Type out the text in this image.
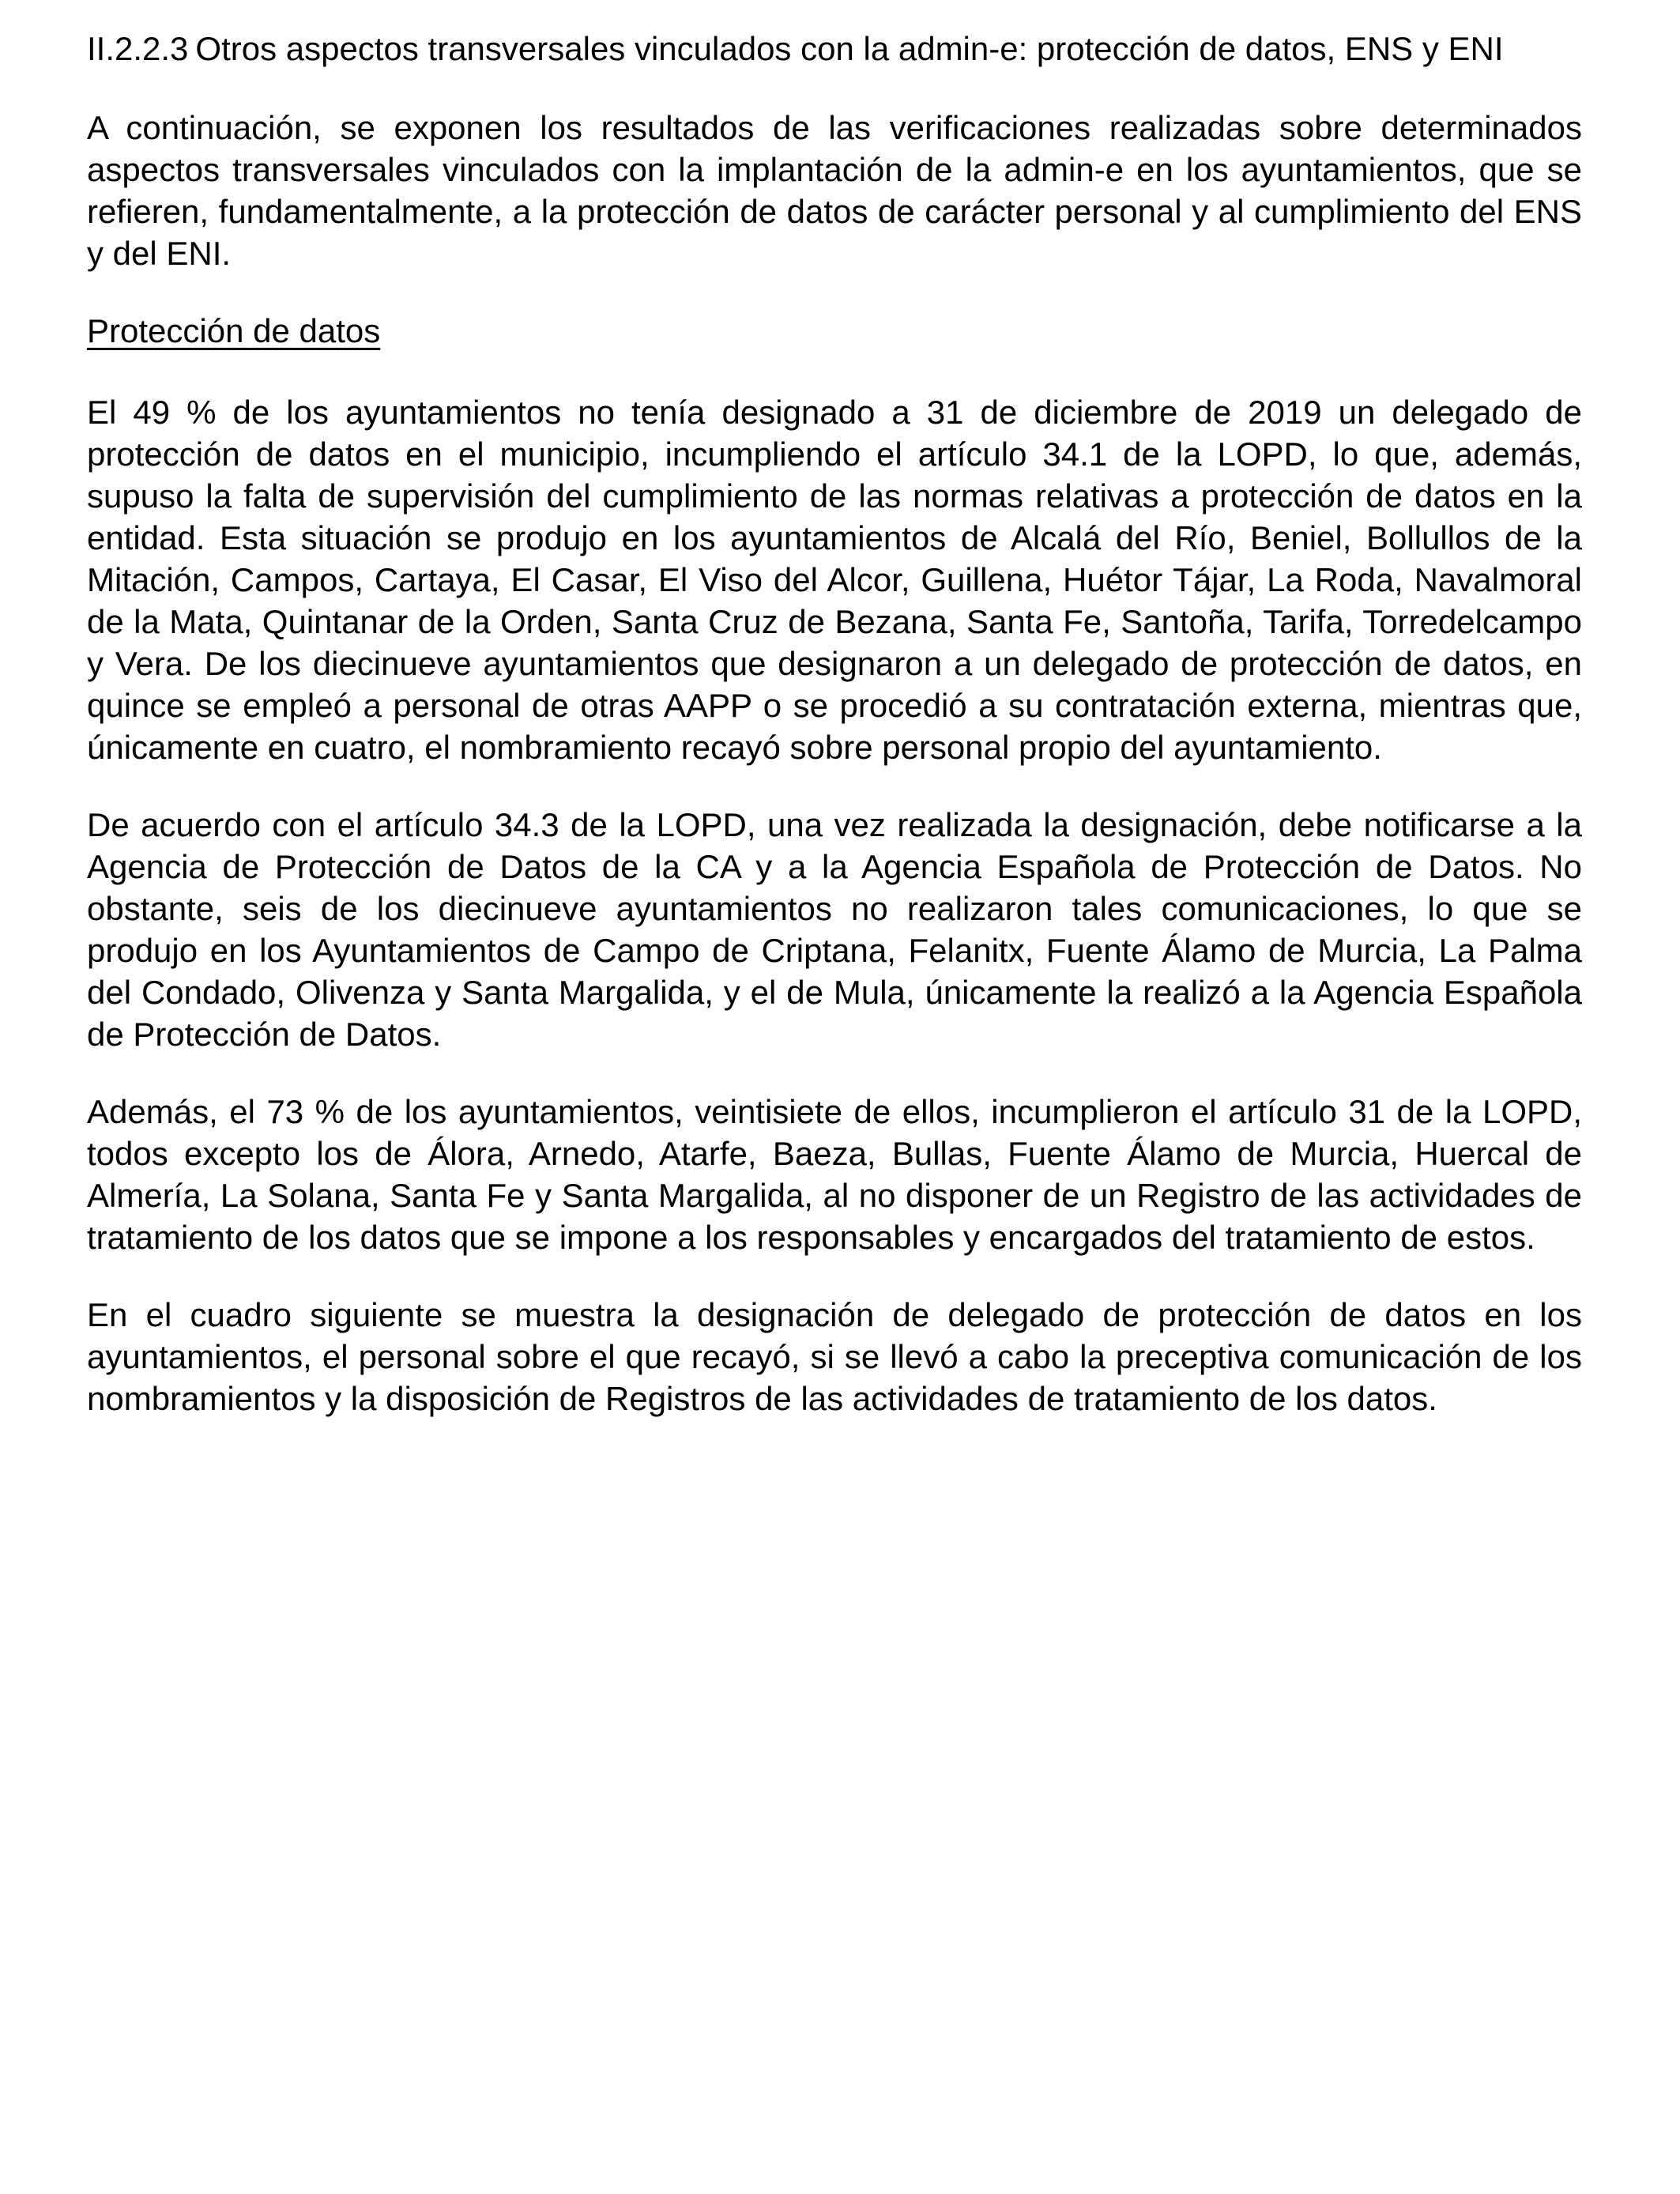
II.2.2.3 Otros aspectos transversales vinculados con la admin-e: protección de datos, ENS y ENI

A continuación, se exponen los resultados de las verificaciones realizadas sobre determinados aspectos transversales vinculados con la implantación de la admin-e en los ayuntamientos, que se refieren, fundamentalmente, a la protección de datos de carácter personal y al cumplimiento del ENS y del ENI.

Protección de datos

El 49 % de los ayuntamientos no tenía designado a 31 de diciembre de 2019 un delegado de protección de datos en el municipio, incumpliendo el artículo 34.1 de la LOPD, lo que, además, supuso la falta de supervisión del cumplimiento de las normas relativas a protección de datos en la entidad. Esta situación se produjo en los ayuntamientos de Alcalá del Río, Beniel, Bollullos de la Mitación, Campos, Cartaya, El Casar, El Viso del Alcor, Guillena, Huétor Tájar, La Roda, Navalmoral de la Mata, Quintanar de la Orden, Santa Cruz de Bezana, Santa Fe, Santoña, Tarifa, Torredelcampo y Vera. De los diecinueve ayuntamientos que designaron a un delegado de protección de datos, en quince se empleó a personal de otras AAPP o se procedió a su contratación externa, mientras que, únicamente en cuatro, el nombramiento recayó sobre personal propio del ayuntamiento.

De acuerdo con el artículo 34.3 de la LOPD, una vez realizada la designación, debe notificarse a la Agencia de Protección de Datos de la CA y a la Agencia Española de Protección de Datos. No obstante, seis de los diecinueve ayuntamientos no realizaron tales comunicaciones, lo que se produjo en los Ayuntamientos de Campo de Criptana, Felanitx, Fuente Álamo de Murcia, La Palma del Condado, Olivenza y Santa Margalida, y el de Mula, únicamente la realizó a la Agencia Española de Protección de Datos.

Además, el 73 % de los ayuntamientos, veintisiete de ellos, incumplieron el artículo 31 de la LOPD, todos excepto los de Álora, Arnedo, Atarfe, Baeza, Bullas, Fuente Álamo de Murcia, Huercal de Almería, La Solana, Santa Fe y Santa Margalida, al no disponer de un Registro de las actividades de tratamiento de los datos que se impone a los responsables y encargados del tratamiento de estos.

En el cuadro siguiente se muestra la designación de delegado de protección de datos en los ayuntamientos, el personal sobre el que recayó, si se llevó a cabo la preceptiva comunicación de los nombramientos y la disposición de Registros de las actividades de tratamiento de los datos.
